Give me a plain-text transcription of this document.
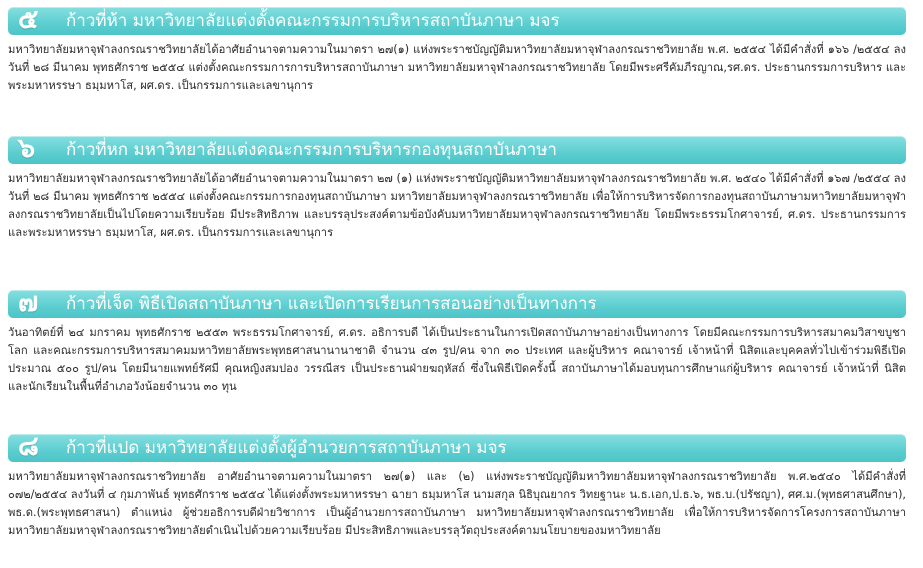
๕ ก้าวที่ห้า มหาวิทยาลัยแต่งตั้งคณะกรรมการบริหารสถาบันภาษา มจร
มหาวิทยาลัยมหาจุฬาลงกรณราชวิทยาลัยได้อาศัยอำนาจตามความในมาตรา ๒๗(๑) แห่งพระราชบัญญัติมหาวิทยาลัยมหาจุฬาลงกรณราชวิทยาลัย พ.ศ. ๒๕๕๔ ได้มีคำสั่งที่ ๑๖๖ /๒๕๕๔ ลงวันที่ ๒๘ มีนาคม พุทธศักราช ๒๕๕๔ แต่งตั้งคณะกรรมการการบริหารสถาบันภาษา มหาวิทยาลัยมหาจุฬาลงกรณราชวิทยาลัย โดยมีพระศรีคัมภีรญาณ,รศ.ดร. ประธานกรรมการบริหาร และพระมหาหรรษา ธมฺมหาโส, ผศ.ดร. เป็นกรรมการและเลขานุการ
๖ ก้าวที่หก มหาวิทยาลัยแต่งคณะกรรมการบริหารกองทุนสถาบันภาษา
มหาวิทยาลัยมหาจุฬาลงกรณราชวิทยาลัยได้อาศัยอำนาจตามความในมาตรา ๒๗ (๑) แห่งพระราชบัญญัติมหาวิทยาลัยมหาจุฬาลงกรณราชวิทยาลัย พ.ศ. ๒๕๔๐ ได้มีคำสั่งที่ ๑๖๗ /๒๕๕๔ ลงวันที่ ๒๘ มีนาคม พุทธศักราช ๒๕๕๔ แต่งตั้งคณะกรรมการกองทุนสถาบันภาษา มหาวิทยาลัยมหาจุฬาลงกรณราชวิทยาลัย เพื่อให้การบริหารจัดการกองทุนสถาบันภาษามหาวิทยาลัยมหาจุฬาลงกรณราชวิทยาลัยเป็นไปโดยความเรียบร้อย มีประสิทธิภาพ และบรรลุประสงค์ตามข้อบังคับมหาวิทยาลัยมหาจุฬาลงกรณราชวิทยาลัย โดยมีพระธรรมโกศาจารย์, ศ.ดร. ประธานกรรมการ และพระมหาหรรษา ธมฺมหาโส, ผศ.ดร. เป็นกรรมการและเลขานุการ
๗ ก้าวที่เจ็ด พิธีเปิดสถาบันภาษา และเปิดการเรียนการสอนอย่างเป็นทางการ
วันอาทิตย์ที่ ๒๔ มกราคม พุทธศักราช ๒๕๕๓ พระธรรมโกศาจารย์, ศ.ดร. อธิการบดี ได้เป็นประธานในการเปิดสถาบันภาษาอย่างเป็นทางการ โดยมีคณะกรรมการบริหารสมาคมวิสาขบูชาโลก และคณะกรรมการบริหารสมาคมมหาวิทยาลัยพระพุทธศาสนานานาชาติ จำนวน ๔๓ รูป/คน จาก ๓๐ ประเทศ และผู้บริหาร คณาจารย์ เจ้าหน้าที่ นิสิตและบุคคลทั่วไปเข้าร่วมพิธีเปิดประมาณ ๕๐๐ รูป/คน โดยมีนายแพทย์รัศมี คุณหญิงสมปอง วรรณีสร เป็นประธานฝ่ายฆฤหัสถ์ ซึ่งในพิธีเปิดครั้งนี้ สถาบันภาษาได้มอบทุนการศึกษาแก่ผู้บริหาร คณาจารย์ เจ้าหน้าที่ นิสิต และนักเรียนในพื้นที่อำเภอวังน้อยจำนวน ๓๐ ทุน
๘ ก้าวที่แปด มหาวิทยาลัยแต่งตั้งผู้อำนวยการสถาบันภาษา มจร
มหาวิทยาลัยมหาจุฬาลงกรณราชวิทยาลัย อาศัยอำนาจตามความในมาตรา ๒๗(๑) และ (๒) แห่งพระราชบัญญัติมหาวิทยาลัยมหาจุฬาลงกรณราชวิทยาลัย พ.ศ.๒๕๔๐ ได้มีคำสั่งที่ ๐๗๒/๒๕๕๔ ลงวันที่ ๔ กุมภาพันธ์ พุทธศักราช ๒๕๕๔ ได้แต่งตั้งพระมหาหรรษา ฉายา ธมฺมหาโส นามสกุล นิธิบุณยากร วิทยฐานะ น.ธ.เอก,ป.ธ.๖, พธ.บ.(ปรัชญา), ศศ.ม.(พุทธศาสนศึกษา), พธ.ด.(พระพุทธศาสนา) ตำแหน่ง ผู้ช่วยอธิการบดีฝ่ายวิชาการ เป็นผู้อำนวยการสถาบันภาษา มหาวิทยาลัยมหาจุฬาลงกรณราชวิทยาลัย เพื่อให้การบริหารจัดการโครงการสถาบันภาษา มหาวิทยาลัยมหาจุฬาลงกรณราชวิทยาลัยดำเนินไปด้วยความเรียบร้อย มีประสิทธิภาพและบรรลุวัตถุประสงค์ตามนโยบายของมหาวิทยาลัย
